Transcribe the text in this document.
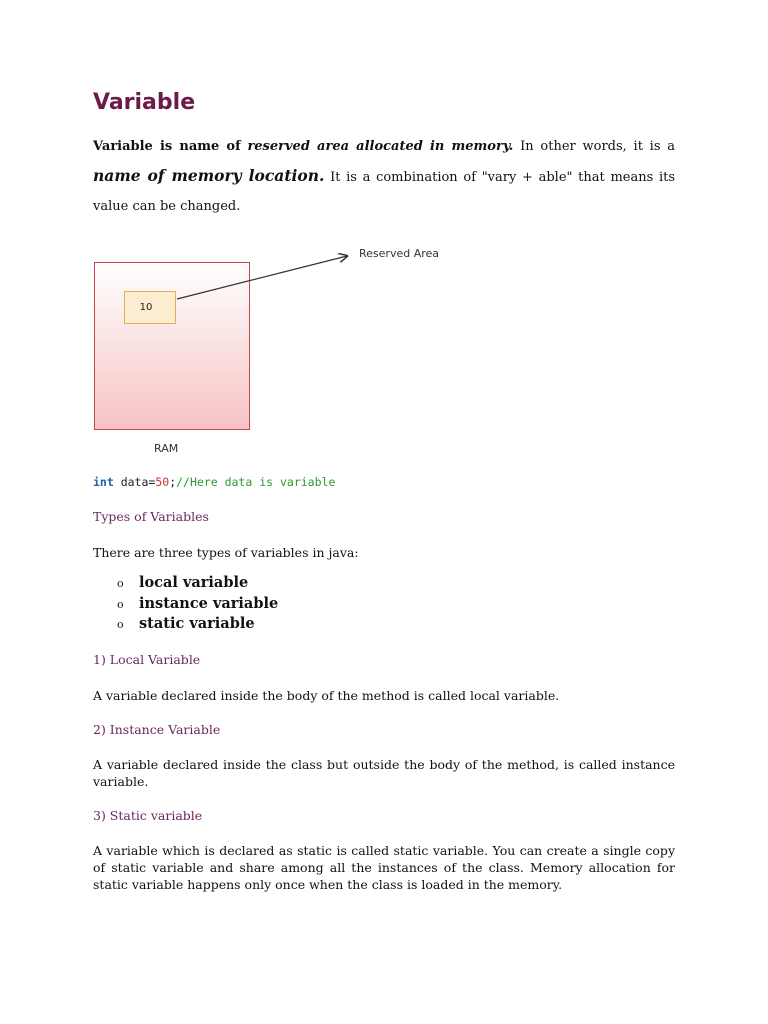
Variable
Variable is name of reserved area allocated in memory. In other words, it is a name of memory location. It is a combination of "vary + able" that means its value can be changed.
10
Reserved Area
RAM
int data=50;//Here data is variable
Types of Variables
There are three types of variables in java:
o local variable
o instance variable
o static variable
1) Local Variable
A variable declared inside the body of the method is called local variable.
2) Instance Variable
A variable declared inside the class but outside the body of the method, is called instance variable.
3) Static variable
A variable which is declared as static is called static variable. You can create a single copy of static variable and share among all the instances of the class. Memory allocation for static variable happens only once when the class is loaded in the memory.
